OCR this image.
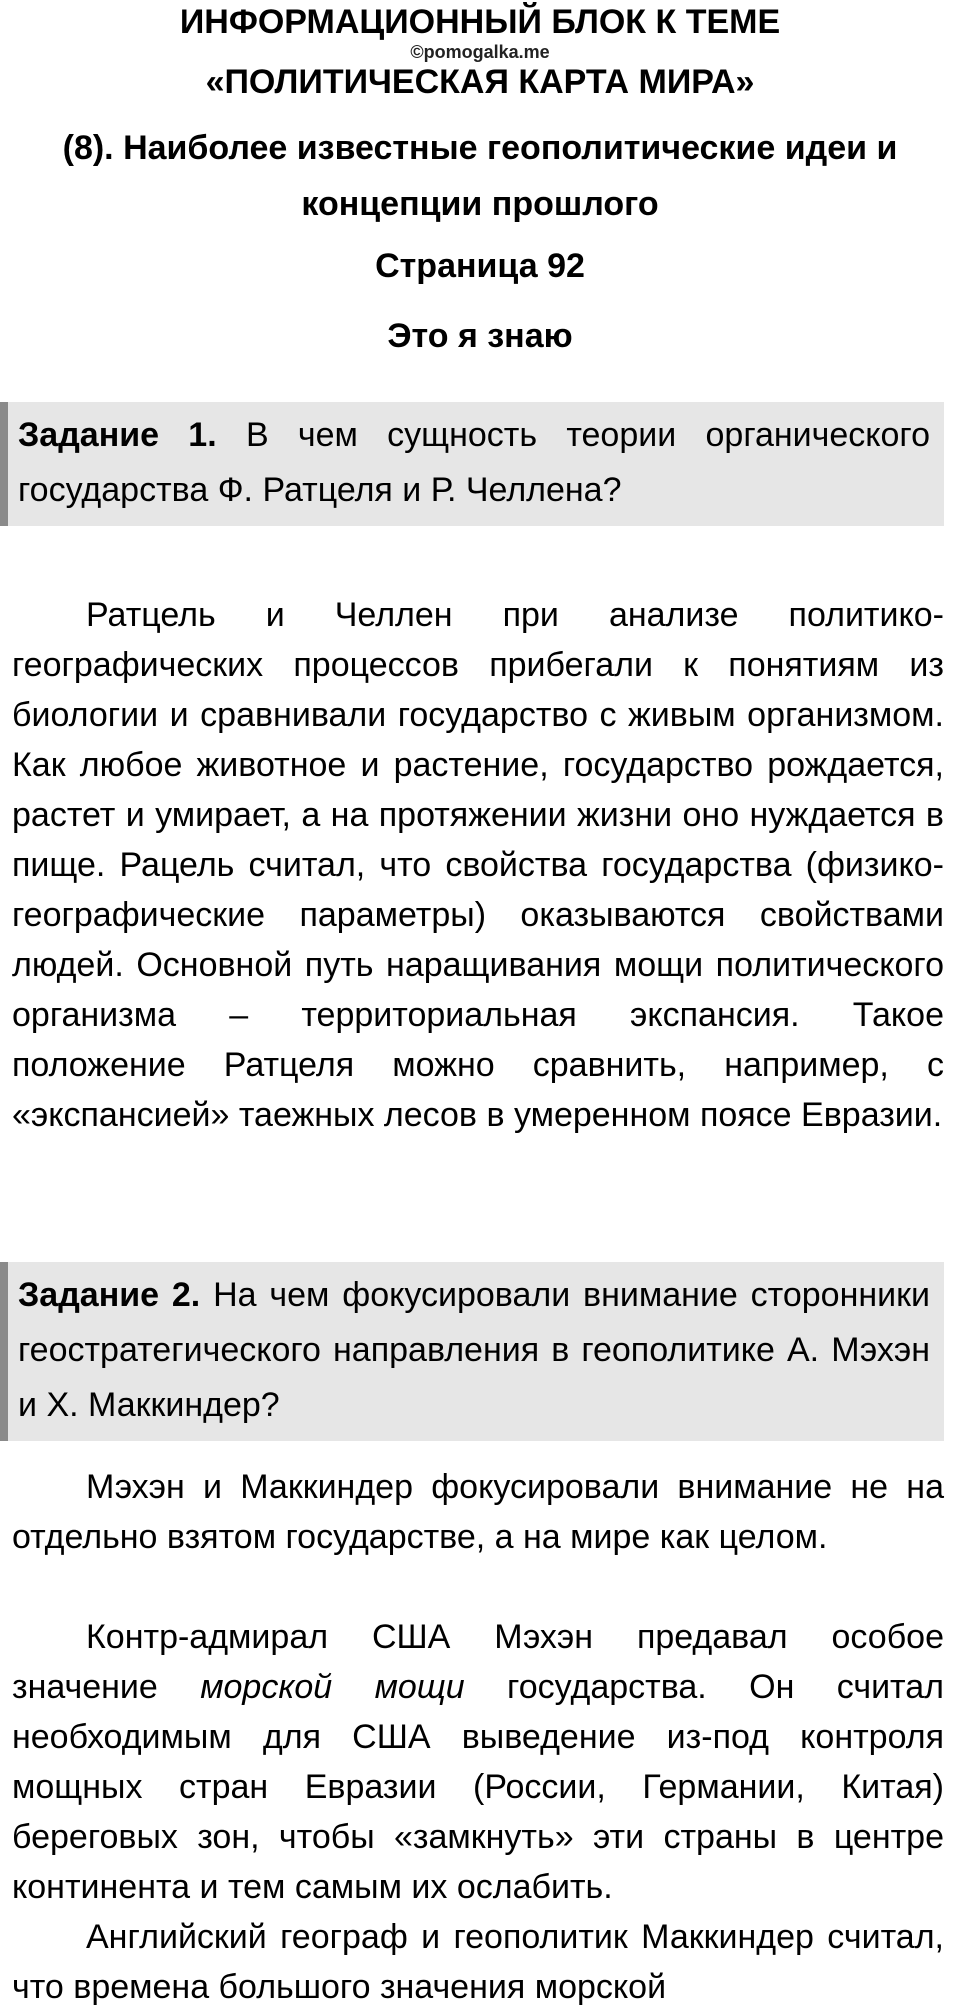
ИНФОРМАЦИОННЫЙ БЛОК К ТЕМЕ

©pomogalka.me

«ПОЛИТИЧЕСКАЯ КАРТА МИРА»

(8). Наиболее известные геополитические идеи и концепции прошлого

Страница 92

Это я знаю

Задание 1. В чем сущность теории органического государства Ф. Ратцеля и Р. Челлена?

Ратцель и Челлен при анализе политико-географических процессов прибегали к понятиям из биологии и сравнивали государство с живым организмом. Как любое животное и растение, государство рождается, растет и умирает, а на протяжении жизни оно нуждается в пище. Рацель считал, что свойства государства (физико-географические параметры) оказываются свойствами людей. Основной путь наращивания мощи политического организма – территориальная экспансия. Такое положение Ратцеля можно сравнить, например, с «экспансией» таежных лесов в умеренном поясе Евразии.

Задание 2. На чем фокусировали внимание сторонники геостратегического направления в геополитике А. Мэхэн и Х. Маккиндер?

Мэхэн и Маккиндер фокусировали внимание не на отдельно взятом государстве, а на мире как целом.

Контр-адмирал США Мэхэн предавал особое значение морской мощи государства. Он считал необходимым для США выведение из-под контроля мощных стран Евразии (России, Германии, Китая) береговых зон, чтобы «замкнуть» эти страны в центре континента и тем самым их ослабить.

Английский географ и геополитик Маккиндер считал, что времена большого значения морской
